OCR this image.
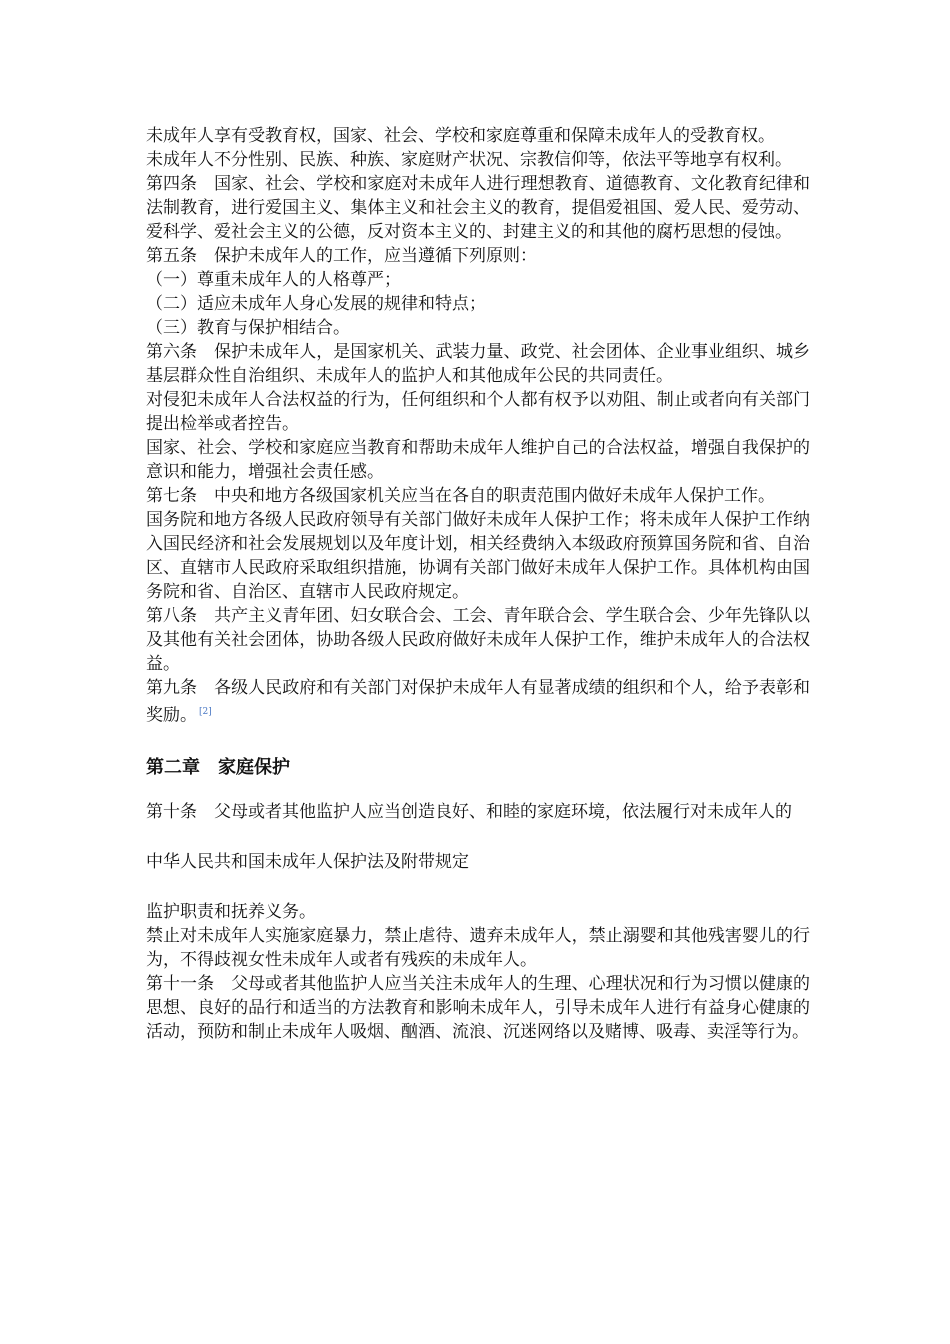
未成年人享有受教育权，国家、社会、学校和家庭尊重和保障未成年人的受教育权。

未成年人不分性别、民族、种族、家庭财产状况、宗教信仰等，依法平等地享有权利。

第四条　国家、社会、学校和家庭对未成年人进行理想教育、道德教育、文化教育纪律和法制教育，进行爱国主义、集体主义和社会主义的教育，提倡爱祖国、爱人民、爱劳动、爱科学、爱社会主义的公德，反对资本主义的、封建主义的和其他的腐朽思想的侵蚀。

第五条　保护未成年人的工作，应当遵循下列原则：

（一）尊重未成年人的人格尊严；

（二）适应未成年人身心发展的规律和特点；

（三）教育与保护相结合。

第六条　保护未成年人，是国家机关、武装力量、政党、社会团体、企业事业组织、城乡基层群众性自治组织、未成年人的监护人和其他成年公民的共同责任。

对侵犯未成年人合法权益的行为，任何组织和个人都有权予以劝阻、制止或者向有关部门提出检举或者控告。

国家、社会、学校和家庭应当教育和帮助未成年人维护自己的合法权益，增强自我保护的意识和能力，增强社会责任感。

第七条　中央和地方各级国家机关应当在各自的职责范围内做好未成年人保护工作。

国务院和地方各级人民政府领导有关部门做好未成年人保护工作；将未成年人保护工作纳入国民经济和社会发展规划以及年度计划，相关经费纳入本级政府预算国务院和省、自治区、直辖市人民政府采取组织措施，协调有关部门做好未成年人保护工作。具体机构由国务院和省、自治区、直辖市人民政府规定。

第八条　共产主义青年团、妇女联合会、工会、青年联合会、学生联合会、少年先锋队以及其他有关社会团体，协助各级人民政府做好未成年人保护工作，维护未成年人的合法权益。

第九条　各级人民政府和有关部门对保护未成年人有显著成绩的组织和个人，给予表彰和奖励。 [2]

第二章　家庭保护

第十条　父母或者其他监护人应当创造良好、和睦的家庭环境，依法履行对未成年人的

中华人民共和国未成年人保护法及附带规定

监护职责和抚养义务。

禁止对未成年人实施家庭暴力，禁止虐待、遗弃未成年人，禁止溺婴和其他残害婴儿的行为，不得歧视女性未成年人或者有残疾的未成年人。

第十一条　父母或者其他监护人应当关注未成年人的生理、心理状况和行为习惯以健康的思想、良好的品行和适当的方法教育和影响未成年人，引导未成年人进行有益身心健康的活动，预防和制止未成年人吸烟、酗酒、流浪、沉迷网络以及赌博、吸毒、卖淫等行为。
